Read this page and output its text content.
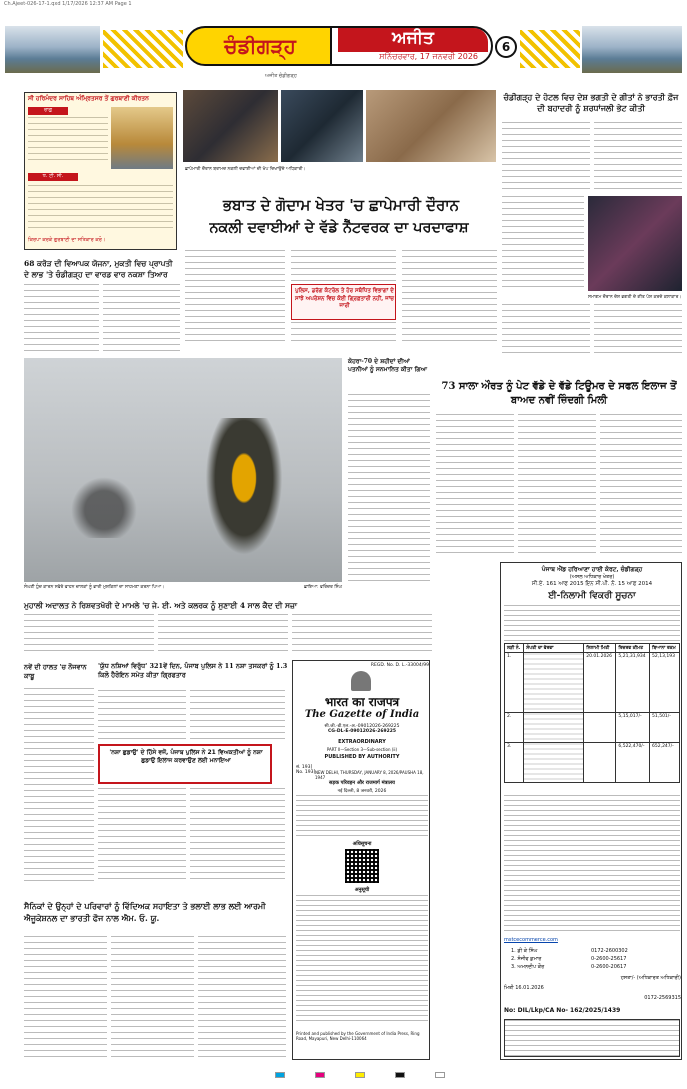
Ch.Ajeet-026-17-1.qxd 1/17/2026 12:37 AM Page 1
ਚੰਡੀਗੜ੍ਹ	ਅਜੀਤ
ਸਨਿੱਚਰਵਾਰ, 17 ਜਨਵਰੀ 2026
ਅਜੀਤ ਚੰਡੀਗੜ੍ਹ
6
ਸੀ ਹਰਿਮੰਦਰ ਸਾਹਿਬ ਅੰਮ੍ਰਿਤਸਰ ਤੋਂ ਗੁਰਬਾਣੀ ਕੀਰਤਨ
ਰਾਗੁ
ਧੋ. ਟੀ. ਸੀ.
ਕਿਰਪਾ ਕਰਕੇ ਗੁਰਬਾਣੀ ਦਾ ਸਤਿਕਾਰ ਕਰੋ।
ਛਾਪੇਮਾਰੀ ਦੌਰਾਨ ਬਰਾਮਦ ਨਕਲੀ ਦਵਾਈਆਂ ਦੀ ਖੇਪ ਦਿਖਾਉਂਦੇ ਅਧਿਕਾਰੀ।
ਭਬਾਤ ਦੇ ਗੋਦਾਮ ਖੇਤਰ 'ਚ ਛਾਪੇਮਾਰੀ ਦੌਰਾਨ
ਨਕਲੀ ਦਵਾਈਆਂ ਦੇ ਵੱਡੇ ਨੈੱਟਵਰਕ ਦਾ ਪਰਦਾਫਾਸ਼
ਪੁਲਿਸ, ਡਰੱਗ ਕੰਟਰੋਲ ਤੇ ਹੋਰ ਸਬੰਧਿਤ ਵਿਭਾਗਾਂ ਦੇ ਸਾਂਝੇ ਅਪਰੇਸ਼ਨ ਵਿਚ ਕੋਈ ਗ੍ਰਿਫ਼ਤਾਰੀ ਨਹੀਂ, ਜਾਂਚ ਜਾਰੀ
ਚੰਡੀਗੜ੍ਹ ਦੇ ਹੋਟਲ ਵਿਚ ਦੇਸ਼ ਭਗਤੀ ਦੇ ਗੀਤਾਂ ਨੇ ਭਾਰਤੀ ਫ਼ੌਜ ਦੀ ਬਹਾਦਰੀ ਨੂੰ ਸ਼ਰਧਾਂਜਲੀ ਭੇਟ ਕੀਤੀ
ਸਮਾਗਮ ਦੌਰਾਨ ਦੇਸ਼ ਭਗਤੀ ਦੇ ਗੀਤ ਪੇਸ਼ ਕਰਦੇ ਕਲਾਕਾਰ।
68 ਕਰੋੜ ਦੀ ਵਿਆਪਕ ਯੋਜਨਾ, ਮੁਕਤੀ ਵਿਚ ਪ੍ਰਾਪਤੀ ਦੇ ਲਾਭ 'ਤੇ ਚੰਡੀਗੜ੍ਹ ਦਾ ਵਾਰਡ ਵਾਰ ਨਕਸ਼ਾ ਤਿਆਰ
ਸੰਘਣੀ ਧੁੰਦ ਕਾਰਨ ਸਵੇਰੇ ਵਾਹਨ ਚਾਲਕਾਂ ਨੂੰ ਭਾਰੀ ਮੁਸ਼ਕਿਲਾਂ ਦਾ ਸਾਹਮਣਾ ਕਰਨਾ ਪਿਆ।	ਛਾਇਆ: ਵਰਿੰਦਰ ਸਿੰਘ
ਕੋਹਰਾ-70 ਦੇ ਸ਼ਹੀਦਾਂ ਦੀਆਂ ਪਤਨੀਆਂ ਨੂੰ ਸਨਮਾਨਿਤ ਕੀਤਾ ਗਿਆ
73 ਸਾਲਾ ਔਰਤ ਨੂੰ ਪੇਟ ਵੱਡੇ ਦੇ ਵੱਡੇ ਟਿਊਮਰ ਦੇ ਸਫਲ ਇਲਾਜ ਤੋਂ ਬਾਅਦ ਨਵੀਂ ਜ਼ਿੰਦਗੀ ਮਿਲੀ
ਮੁਹਾਲੀ ਅਦਾਲਤ ਨੇ ਰਿਸ਼ਵਤਖੋਰੀ ਦੇ ਮਾਮਲੇ 'ਚ ਜੇ. ਈ. ਅਤੇ ਕਲਰਕ ਨੂੰ ਸੁਣਾਈ 4 ਸਾਲ ਕੈਦ ਦੀ ਸਜ਼ਾ
ਨਵੇਂ ਦੀ ਹਾਲਤ 'ਚ ਨੌਜਵਾਨ ਕਾਬੂ
'ਯੁੱਧ ਨਸ਼ਿਆਂ ਵਿਰੁੱਧ' 321ਵੇਂ ਦਿਨ, ਪੰਜਾਬ ਪੁਲਿਸ ਨੇ 11 ਨਸ਼ਾ ਤਸਕਰਾਂ ਨੂੰ 1.3 ਕਿਲੋ ਹੈਰੋਇਨ ਸਮੇਤ ਕੀਤਾ ਗ੍ਰਿਫਤਾਰ
'ਨਸ਼ਾ ਛੁਡਾਉ' ਦੇ ਹਿੱਸੇ ਵਜੋਂ, ਪੰਜਾਬ ਪੁਲਿਸ ਨੇ 21 ਵਿਅਕਤੀਆਂ ਨੂੰ ਨਸ਼ਾ ਛੁਡਾਉ ਇਲਾਜ ਕਰਵਾਉਣ ਲਈ ਮਨਾਇਆ
ਸੈਨਿਕਾਂ ਦੇ ਉਨ੍ਹਾਂ ਦੇ ਪਰਿਵਾਰਾਂ ਨੂੰ ਵਿੱਦਿਅਕ ਸਹਾਇਤਾ ਤੇ ਭਲਾਈ ਲਾਭ ਲਈ ਆਰਮੀ ਐਜੂਕੇਸ਼ਨਲ ਦਾ ਭਾਰਤੀ ਫੌਜ ਨਾਲ ਐਮ. ਓ. ਯੂ.
REGD. No. D. L.-33004/99
भारत का राजपत्र
The Gazette of India
सी.जी.-डी.एल.-अ.-09012026-269225
CG-DL-E-09012026-269225
EXTRAORDINARY
PART II—Section 3—Sub-section (ii)
PUBLISHED BY AUTHORITY
सं. 193]
No. 193] NEW DELHI, THURSDAY, JANUARY 8, 2026/PAUSHA 18, 1947
सड़क परिवहन और राजमार्ग मंत्रालय
नई दिल्ली, 8 जनवरी, 2026
अधिसूचना
अनुसूची
Printed and published by the Government of India Press, Ring Road, Mayapuri, New Delhi-110064
ਪੰਜਾਬ ਐਂਡ ਹਰਿਆਣਾ ਹਾਈ ਕੋਰਟ, ਚੰਡੀਗੜ੍ਹ
(ਅਸਲ ਅਧਿਕਾਰ ਖੇਤਰ)
ਸੀ.ਏ. 161 ਆਫ 2015 ਇਨ ਸੀ.ਪੀ. ਨੰ. 15 ਆਫ 2014
ਈ-ਨਿਲਾਮੀ ਵਿਕਰੀ ਸੂਚਨਾ
ਲੜੀ ਨੰ.	ਸੰਪਤੀ ਦਾ ਵੇਰਵਾ	ਨਿਲਾਮੀ ਮਿਤੀ	ਰਿਜ਼ਰਵ ਕੀਮਤ	ਬਿਆਨਾ ਰਕਮ
1.		20.01.2026	5,21,31,934	52,13,193
2.			5,15,017/-	51,501/-
3.			6,522,470/-	652,247/-
mstcecommerce.com
1. ਡੀ ਕੇ ਸਿੰਘ	0172-2600302
2. ਸੰਜੀਵ ਕੁਮਾਰ	0-2600-25617
3. ਅਮਨਦੀਪ ਕੌਰ	0-2600-20617
ਹਸਤਾ/- (ਅਧਿਕਾਰਤ ਅਧਿਕਾਰੀ)
ਮਿਤੀ 16.01.2026
0172-2569315
No: DIL/Lkp/CA No- 162/2025/1439
